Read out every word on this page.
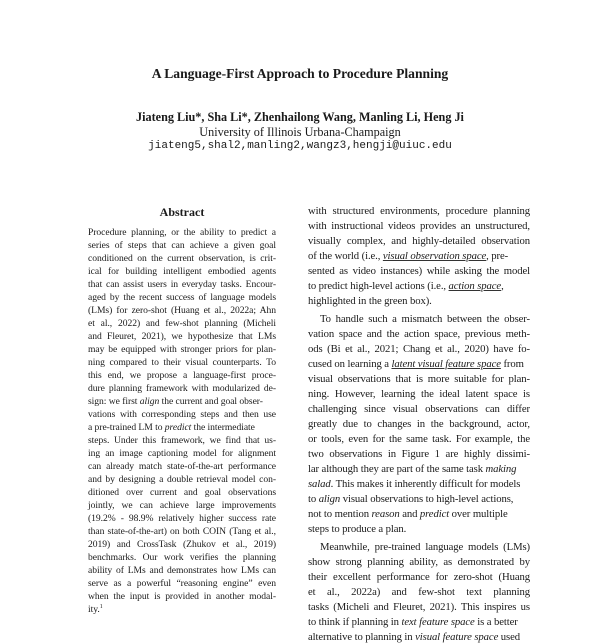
A Language-First Approach to Procedure Planning
Jiateng Liu*, Sha Li*, Zhenhailong Wang, Manling Li, Heng Ji
University of Illinois Urbana-Champaign
jiateng5,shal2,manling2,wangz3,hengji@uiuc.edu
Abstract
Procedure planning, or the ability to predict a
series of steps that can achieve a given goal
conditioned on the current observation, is crit-
ical for building intelligent embodied agents
that can assist users in everyday tasks. Encour-
aged by the recent success of language models
(LMs) for zero-shot (Huang et al., 2022a; Ahn
et al., 2022) and few-shot planning (Micheli
and Fleuret, 2021), we hypothesize that LMs
may be equipped with stronger priors for plan-
ning compared to their visual counterparts. To
this end, we propose a language-first proce-
dure planning framework with modularized de-
sign: we first align the current and goal obser-
vations with corresponding steps and then use
a pre-trained LM to predict the intermediate
steps. Under this framework, we find that us-
ing an image captioning model for alignment
can already match state-of-the-art performance
and by designing a double retrieval model con-
ditioned over current and goal observations
jointly, we can achieve large improvements
(19.2% - 98.9% relatively higher success rate
than state-of-the-art) on both COIN (Tang et al.,
2019) and CrossTask (Zhukov et al., 2019)
benchmarks. Our work verifies the planning
ability of LMs and demonstrates how LMs can
serve as a powerful “reasoning engine” even
when the input is provided in another modal-
ity.$^1$
with structured environments, procedure planning
with instructional videos provides an unstructured,
visually complex, and highly-detailed observation
of the world (i.e., visual observation space, pre-
sented as video instances) while asking the model
to predict high-level actions (i.e., action space,
highlighted in the green box).
To handle such a mismatch between the obser-
vation space and the action space, previous meth-
ods (Bi et al., 2021; Chang et al., 2020) have fo-
cused on learning a latent visual feature space from
visual observations that is more suitable for plan-
ning. However, learning the ideal latent space is
challenging since visual observations can differ
greatly due to changes in the background, actor,
or tools, even for the same task. For example, the
two observations in Figure 1 are highly dissimi-
lar although they are part of the same task making
salad. This makes it inherently difficult for models
to align visual observations to high-level actions,
not to mention reason and predict over multiple
steps to produce a plan.
Meanwhile, pre-trained language models (LMs)
show strong planning ability, as demonstrated by
their excellent performance for zero-shot (Huang
et al., 2022a) and few-shot text planning
tasks (Micheli and Fleuret, 2021). This inspires us
to think if planning in text feature space is a better
alternative to planning in visual feature space used
